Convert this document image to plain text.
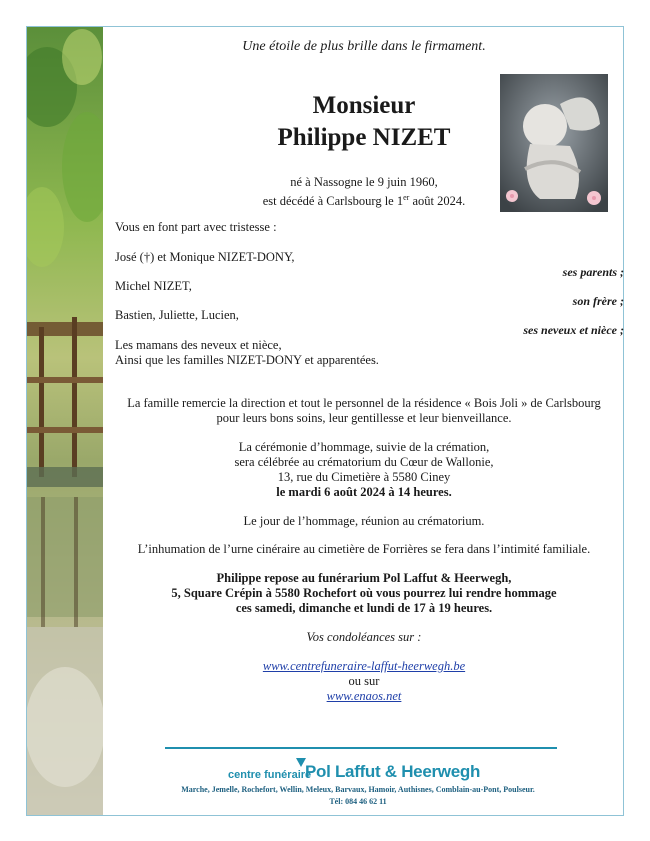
Une étoile de plus brille dans le firmament.
Monsieur
Philippe NIZET
né à Nassogne le 9 juin 1960,
est décédé à Carlsbourg le 1er août 2024.
Vous en font part avec tristesse :
José (†) et Monique NIZET-DONY,
ses parents ;
Michel NIZET,
son frère ;
Bastien, Juliette, Lucien,
ses neveux et nièce ;
Les mamans des neveux et nièce,
Ainsi que les familles NIZET-DONY et apparentées.
La famille remercie la direction et tout le personnel de la résidence « Bois Joli » de Carlsbourg
pour leurs bons soins, leur gentillesse et leur bienveillance.
La cérémonie d’hommage, suivie de la crémation,
sera célébrée au crématorium du Cœur de Wallonie,
13, rue du Cimetière à 5580 Ciney
le mardi 6 août 2024 à 14 heures.
Le jour de l’hommage, réunion au crématorium.
L’inhumation de l’urne cinéraire au cimetière de Forrières se fera dans l’intimité familiale.
Philippe repose au funérarium Pol Laffut & Heerwegh,
5, Square Crépin à 5580 Rochefort où vous pourrez lui rendre hommage
ces samedi, dimanche et lundi de 17 à 19 heures.
Vos condoléances sur :
www.centrefuneraire-laffut-heerwegh.be
ou sur
www.enaos.net
centre funéraire
Pol Laffut & Heerwegh
Marche, Jemelle, Rochefort, Wellin, Meleux, Barvaux, Hamoir, Authisnes, Comblain-au-Pont, Poulseur.
Tél: 084 46 62 11
